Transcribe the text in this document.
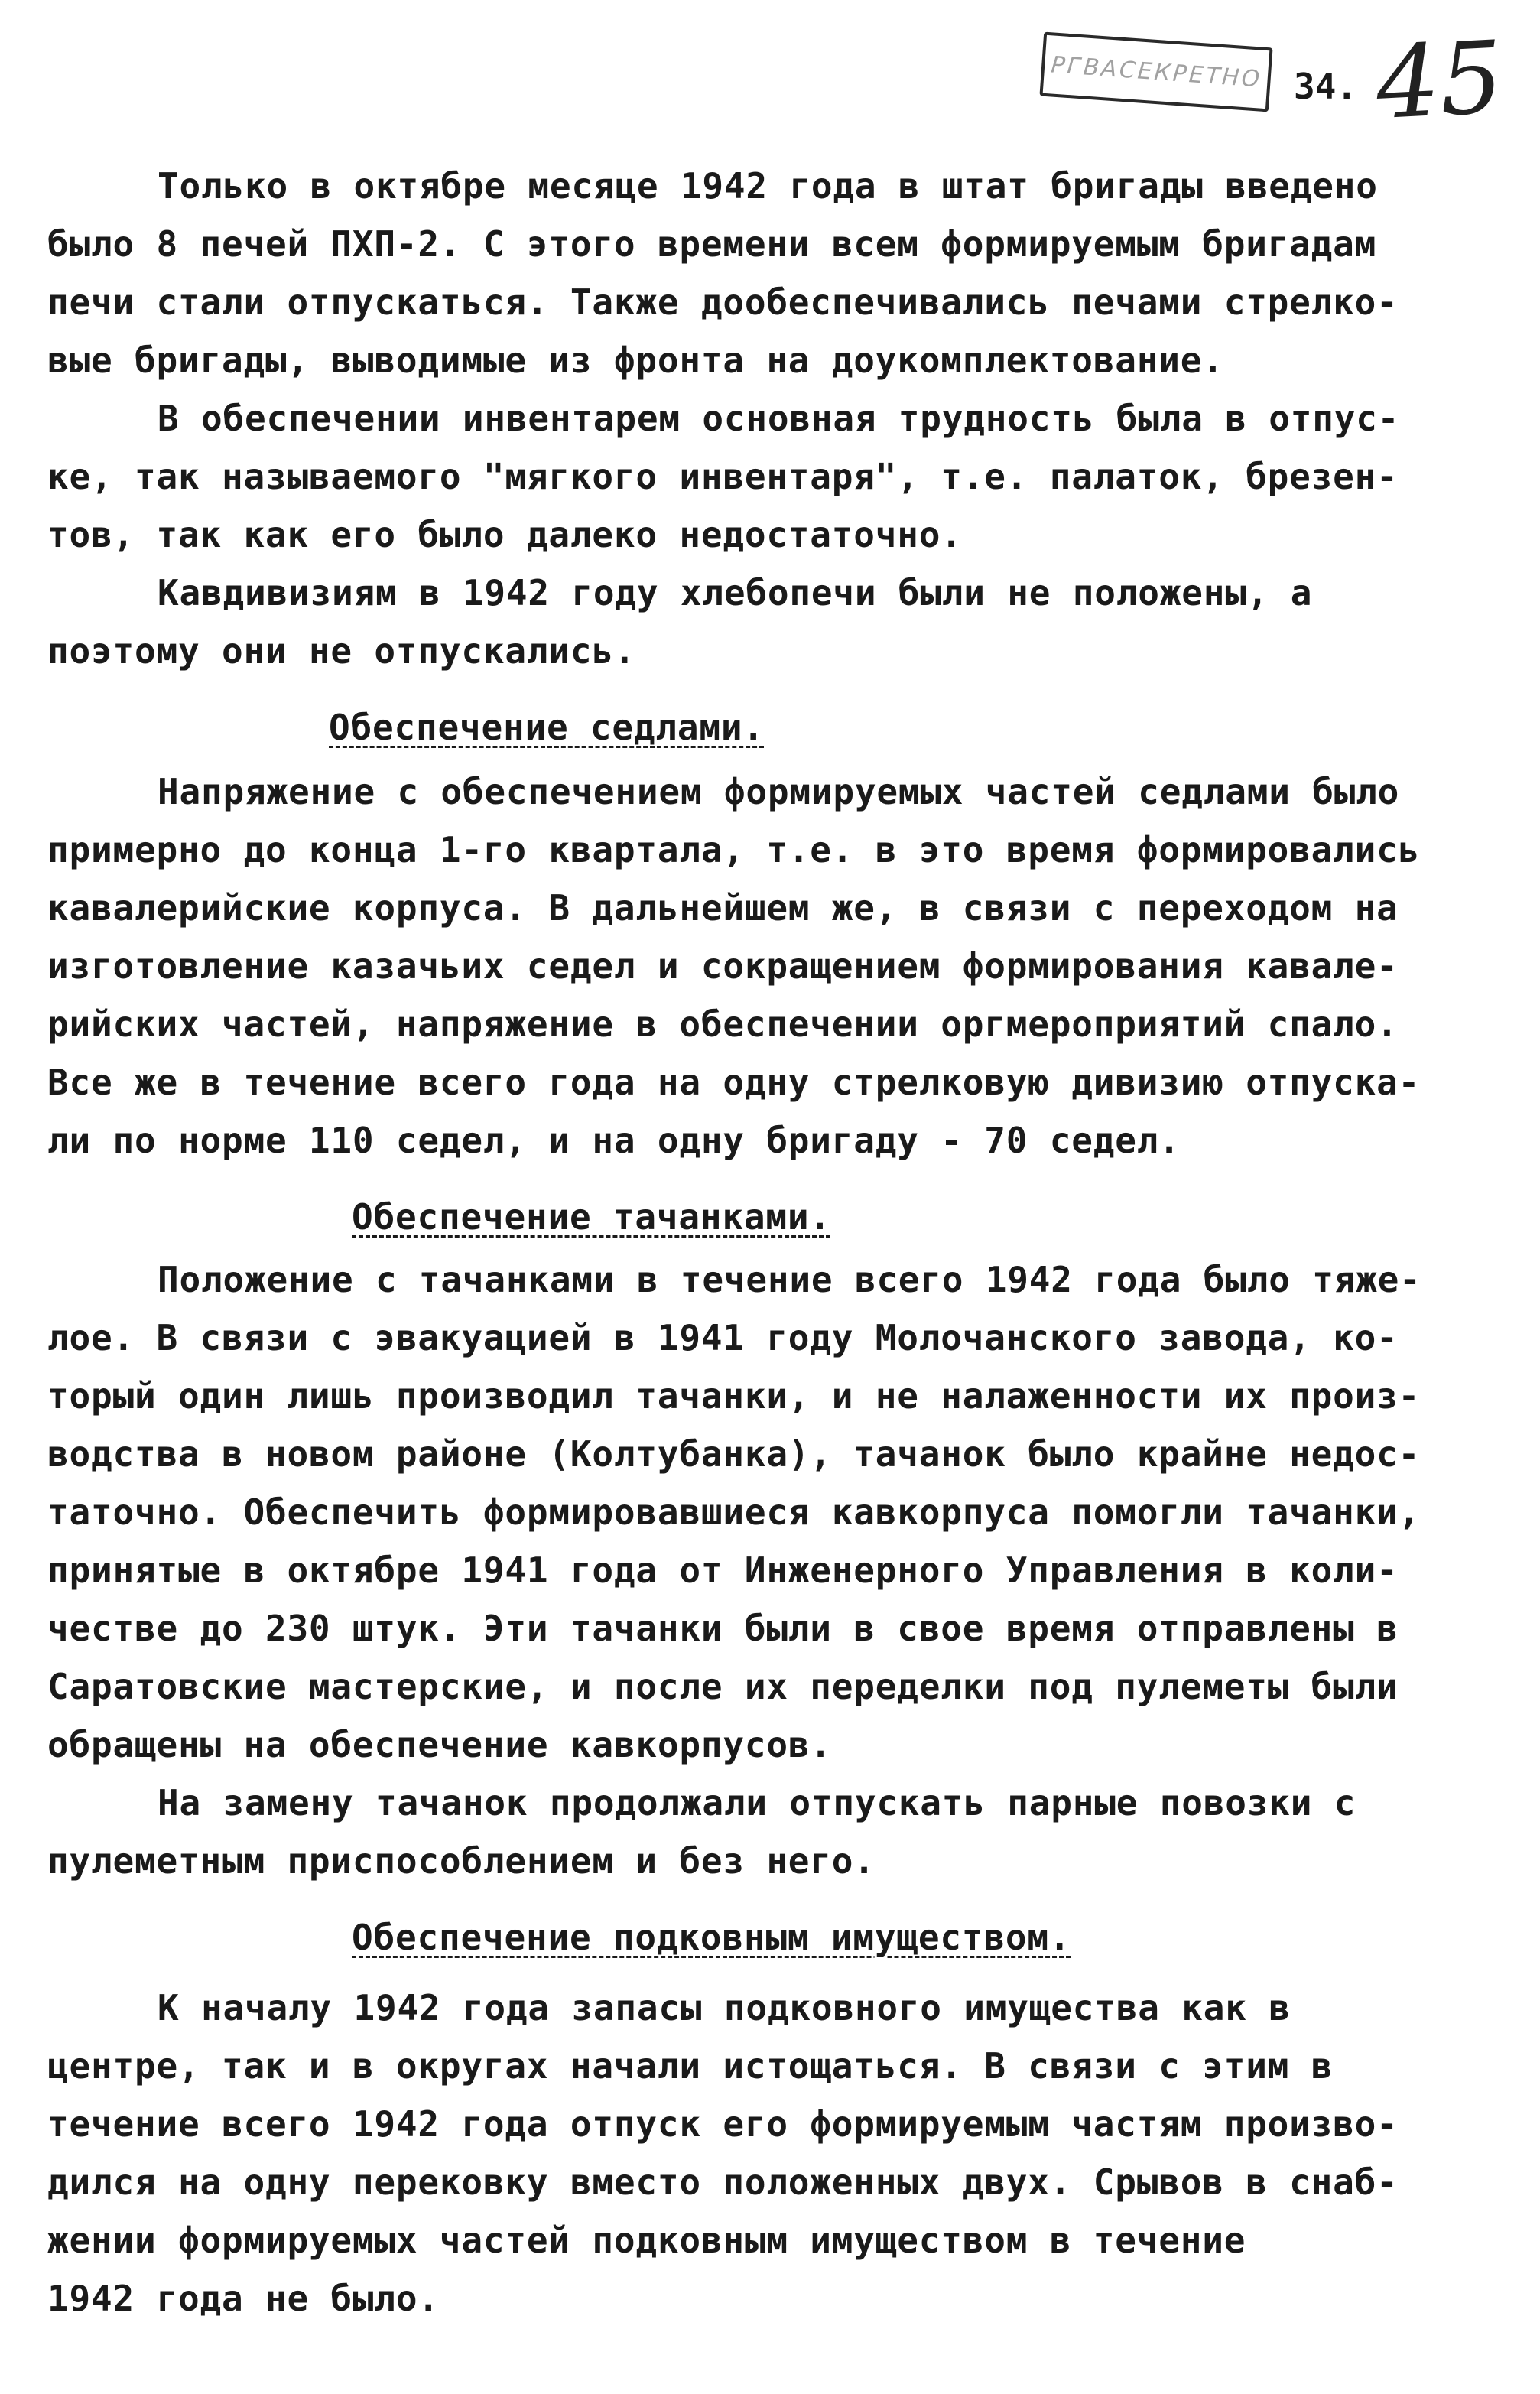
РГВАСЕКРЕТНО 34. 45
Только в октябре месяце 1942 года в штат бригады введено
было 8 печей ПХП-2. С этого времени всем формируемым бригадам
печи стали отпускаться. Также дообеспечивались печами стрелко-
вые бригады, выводимые из фронта на доукомплектование.
В обеспечении инвентарем основная трудность была в отпус-
ке, так называемого "мягкого инвентаря", т.е. палаток, брезен-
тов, так как его было далеко недостаточно.
Кавдивизиям в 1942 году хлебопечи были не положены, а
поэтому они не отпускались.
Обеспечение седлами.
Напряжение с обеспечением формируемых частей седлами было
примерно до конца 1-го квартала, т.е. в это время формировались
кавалерийские корпуса. В дальнейшем же, в связи с переходом на
изготовление казачьих седел и сокращением формирования кавале-
рийских частей, напряжение в обеспечении оргмероприятий спало.
Все же в течение всего года на одну стрелковую дивизию отпуска-
ли по норме 110 седел, и на одну бригаду - 70 седел.
Обеспечение тачанками.
Положение с тачанками в течение всего 1942 года было тяже-
лое. В связи с эвакуацией в 1941 году Молочанского завода, ко-
торый один лишь производил тачанки, и не налаженности их произ-
водства в новом районе (Колтубанка), тачанок было крайне недос-
таточно. Обеспечить формировавшиеся кавкорпуса помогли тачанки,
принятые в октябре 1941 года от Инженерного Управления в коли-
честве до 230 штук. Эти тачанки были в свое время отправлены в
Саратовские мастерские, и после их переделки под пулеметы были
обращены на обеспечение кавкорпусов.
На замену тачанок продолжали отпускать парные повозки с
пулеметным приспособлением и без него.
Обеспечение подковным имуществом.
К началу 1942 года запасы подковного имущества как в
центре, так и в округах начали истощаться. В связи с этим в
течение всего 1942 года отпуск его формируемым частям произво-
дился на одну перековку вместо положенных двух. Срывов в снаб-
жении формируемых частей подковным имуществом в течение
1942 года не было.
